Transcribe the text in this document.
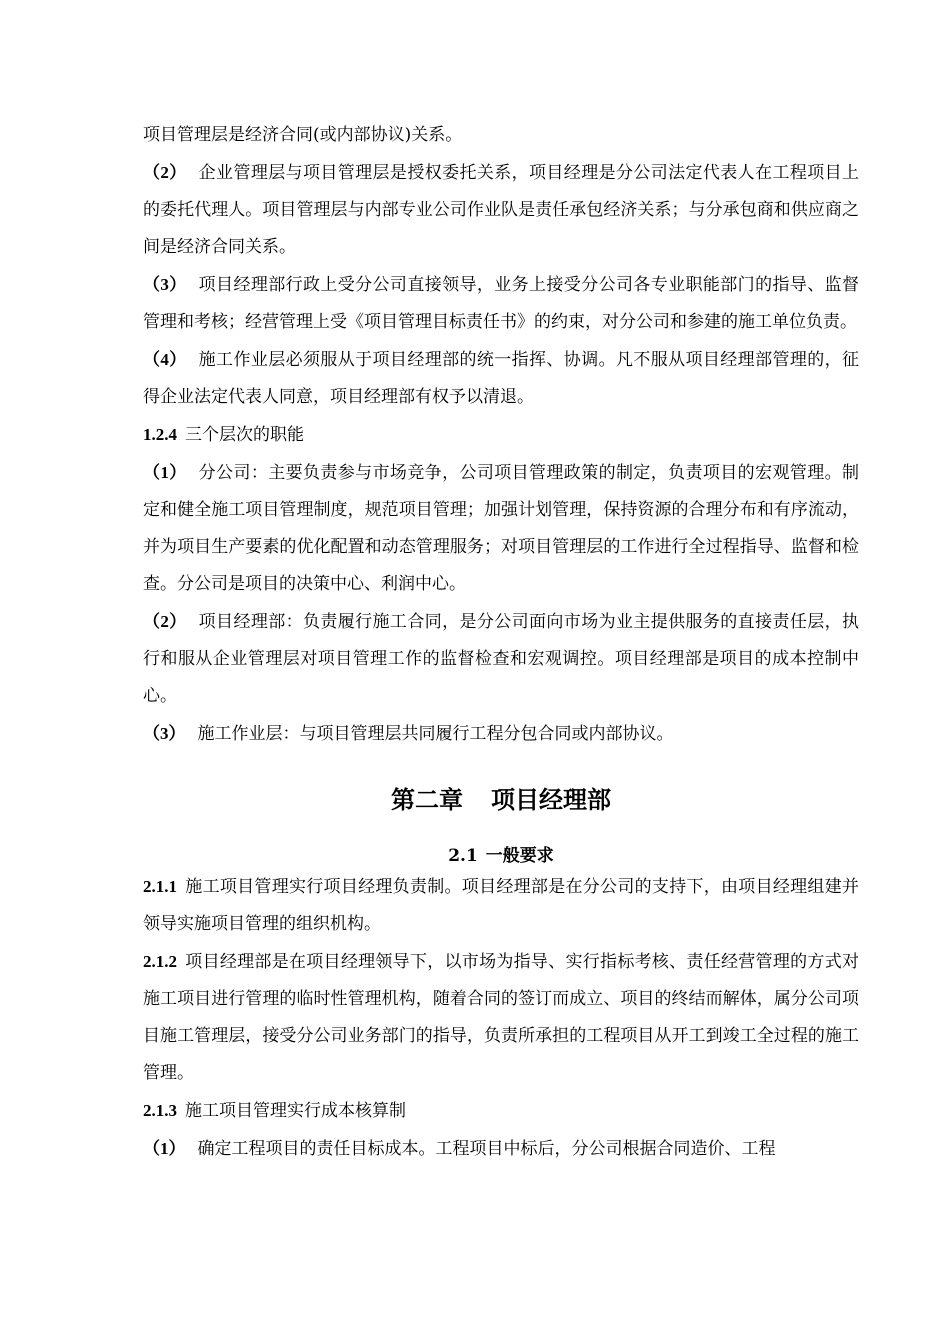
项目管理层是经济合同(或内部协议)关系。

（2） 企业管理层与项目管理层是授权委托关系，项目经理是分公司法定代表人在工程项目上的委托代理人。项目管理层与内部专业公司作业队是责任承包经济关系；与分承包商和供应商之间是经济合同关系。

（3） 项目经理部行政上受分公司直接领导，业务上接受分公司各专业职能部门的指导、监督管理和考核；经营管理上受《项目管理目标责任书》的约束，对分公司和参建的施工单位负责。

（4） 施工作业层必须服从于项目经理部的统一指挥、协调。凡不服从项目经理部管理的，征得企业法定代表人同意，项目经理部有权予以清退。

1.2.4 三个层次的职能

（1） 分公司：主要负责参与市场竞争，公司项目管理政策的制定，负责项目的宏观管理。制定和健全施工项目管理制度，规范项目管理；加强计划管理，保持资源的合理分布和有序流动，并为项目生产要素的优化配置和动态管理服务；对项目管理层的工作进行全过程指导、监督和检查。分公司是项目的决策中心、利润中心。

（2） 项目经理部：负责履行施工合同，是分公司面向市场为业主提供服务的直接责任层，执行和服从企业管理层对项目管理工作的监督检查和宏观调控。项目经理部是项目的成本控制中心。

（3） 施工作业层：与项目管理层共同履行工程分包合同或内部协议。

第二章 项目经理部
2.1 一般要求

2.1.1 施工项目管理实行项目经理负责制。项目经理部是在分公司的支持下，由项目经理组建并领导实施项目管理的组织机构。

2.1.2 项目经理部是在项目经理领导下，以市场为指导、实行指标考核、责任经营管理的方式对施工项目进行管理的临时性管理机构，随着合同的签订而成立、项目的终结而解体，属分公司项目施工管理层，接受分公司业务部门的指导，负责所承担的工程项目从开工到竣工全过程的施工管理。

2.1.3 施工项目管理实行成本核算制

（1） 确定工程项目的责任目标成本。工程项目中标后，分公司根据合同造价、工程
